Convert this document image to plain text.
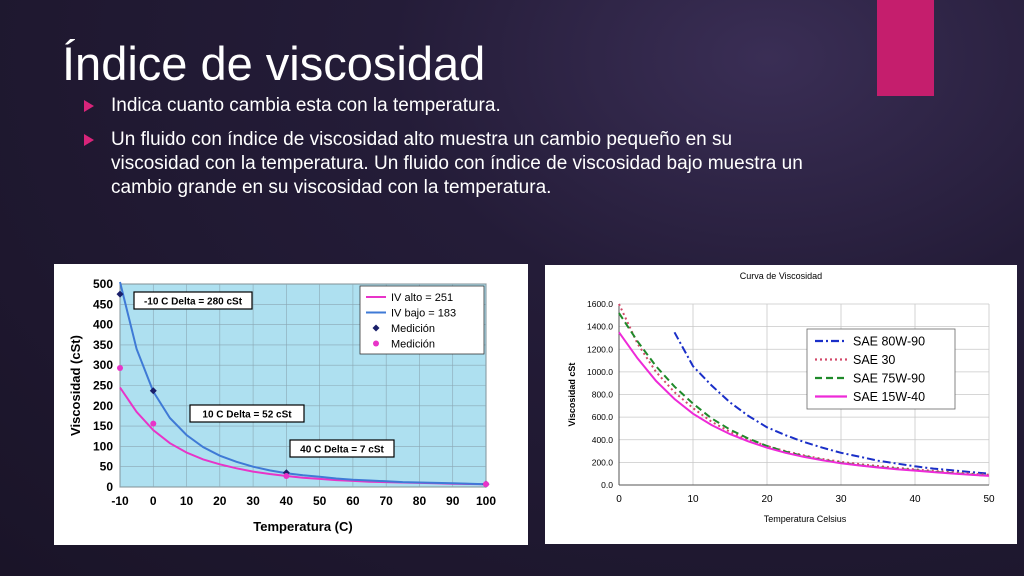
Índice de viscosidad
Indica cuanto cambia esta con la temperatura.
Un fluido con índice de viscosidad alto muestra un cambio pequeño en su viscosidad con la temperatura. Un fluido con índice de viscosidad bajo muestra un cambio grande en su viscosidad con la temperatura.
0
50
100
150
200
250
300
350
400
450
500
-10 0 10 20 30 40 50 60 70 80 90 100
Temperatura (C)
Viscosidad (cSt)
IV alto = 251
IV bajo = 183
Medición
Medición
-10 C Delta = 280 cSt
10 C Delta = 52 cSt
40 C Delta = 7 cSt
Curva de Viscosidad
0.0
200.0
400.0
600.0
800.0
1000.0
1200.0
1400.0
1600.0
0	10	20	30	40	50
Temperatura Celsius
Viscosidad cSt
SAE 80W-90
SAE 30
SAE 75W-90
SAE 15W-40
